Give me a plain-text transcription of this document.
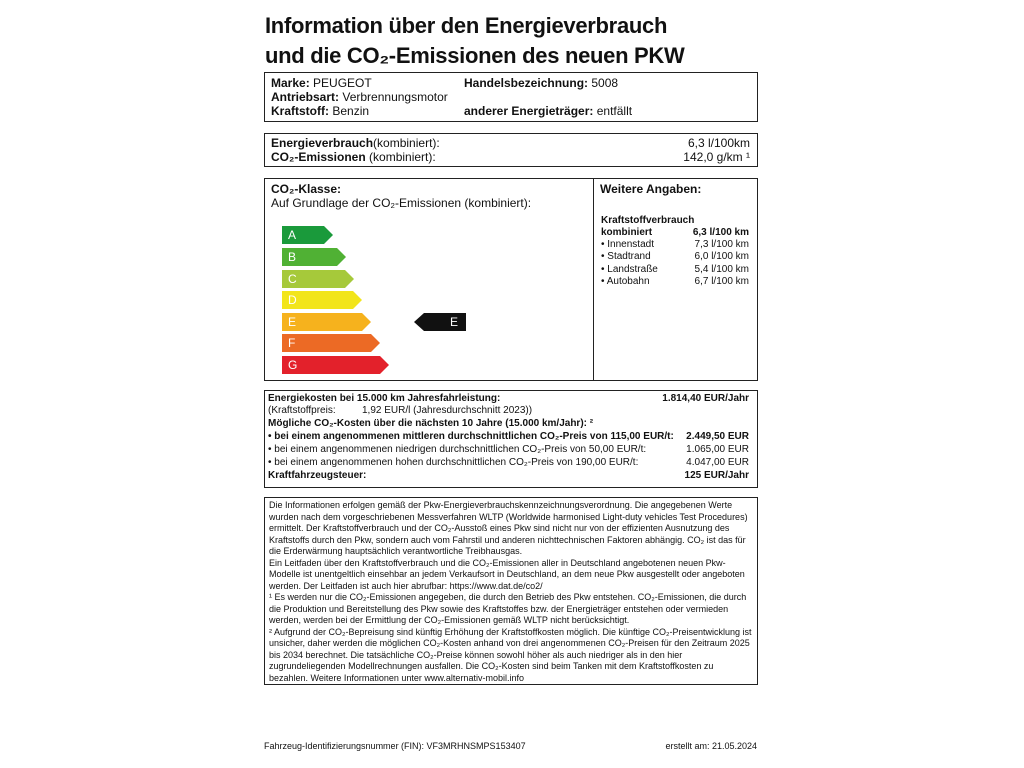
Information über den Energieverbrauch
und die CO₂-Emissionen des neuen PKW
Marke: PEUGEOT	Handelsbezeichnung: 5008
Antriebsart: Verbrennungsmotor
Kraftstoff: Benzin	anderer Energieträger: entfällt
Energieverbrauch(kombiniert):	6,3 l/100km
CO₂-Emissionen (kombiniert):	142,0 g/km ¹
CO₂-Klasse:
Auf Grundlage der CO₂-Emissionen (kombiniert):
A
B
C
D
E
F
G
E
Weitere Angaben:
Kraftstoffverbrauch
kombiniert	6,3 l/100 km
• Innenstadt	7,3 l/100 km
• Stadtrand	6,0 l/100 km
• Landstraße	5,4 l/100 km
• Autobahn	6,7 l/100 km
Energiekosten bei 15.000 km Jahresfahrleistung:	1.814,40 EUR/Jahr
(Kraftstoffpreis:	1,92 EUR/l (Jahresdurchschnitt 2023))
Mögliche CO₂-Kosten über die nächsten 10 Jahre (15.000 km/Jahr): ²
• bei einem angenommenen mittleren durchschnittlichen CO₂-Preis von 115,00 EUR/t:	2.449,50 EUR
• bei einem angenommenen niedrigen durchschnittlichen CO₂-Preis von 50,00 EUR/t:	1.065,00 EUR
• bei einem angenommenen hohen durchschnittlichen CO₂-Preis von 190,00 EUR/t:	4.047,00 EUR
Kraftfahrzeugsteuer:	125 EUR/Jahr

Die Informationen erfolgen gemäß der Pkw-Energieverbrauchskennzeichnungsverordnung. Die angegebenen Werte wurden nach dem vorgeschriebenen Messverfahren WLTP (Worldwide harmonised Light-duty vehicles Test Procedures) ermittelt. Der Kraftstoffverbrauch und der CO₂-Ausstoß eines Pkw sind nicht nur von der effizienten Ausnutzung des Kraftstoffs durch den Pkw, sondern auch vom Fahrstil und anderen nichttechnischen Faktoren abhängig. CO₂ ist das für die Erderwärmung hauptsächlich verantwortliche Treibhausgas.

Ein Leitfaden über den Kraftstoffverbrauch und die CO₂-Emissionen aller in Deutschland angebotenen neuen Pkw-Modelle ist unentgeltlich einsehbar an jedem Verkaufsort in Deutschland, an dem neue Pkw ausgestellt oder angeboten werden. Der Leitfaden ist auch hier abrufbar: https://www.dat.de/co2/

¹ Es werden nur die CO₂-Emissionen angegeben, die durch den Betrieb des Pkw entstehen. CO₂-Emissionen, die durch die Produktion und Bereitstellung des Pkw sowie des Kraftstoffes bzw. der Energieträger entstehen oder vermieden werden, werden bei der Ermittlung der CO₂-Emissionen gemäß WLTP nicht berücksichtigt.

² Aufgrund der CO₂-Bepreisung sind künftig Erhöhung der Kraftstoffkosten möglich. Die künftige CO₂-Preisentwicklung ist unsicher, daher werden die möglichen CO₂-Kosten anhand von drei angenommenen CO₂-Preisen für den Zeitraum 2025 bis 2034 berechnet. Die tatsächliche CO₂-Preise können sowohl höher als auch niedriger als in den hier zugrundeliegenden Modellrechnungen ausfallen. Die CO₂-Kosten sind beim Tanken mit dem Kraftstoffkosten zu bezahlen. Weitere Informationen unter www.alternativ-mobil.info

Fahrzeug-Identifizierungsnummer (FIN): VF3MRHNSMPS153407	erstellt am: 21.05.2024
